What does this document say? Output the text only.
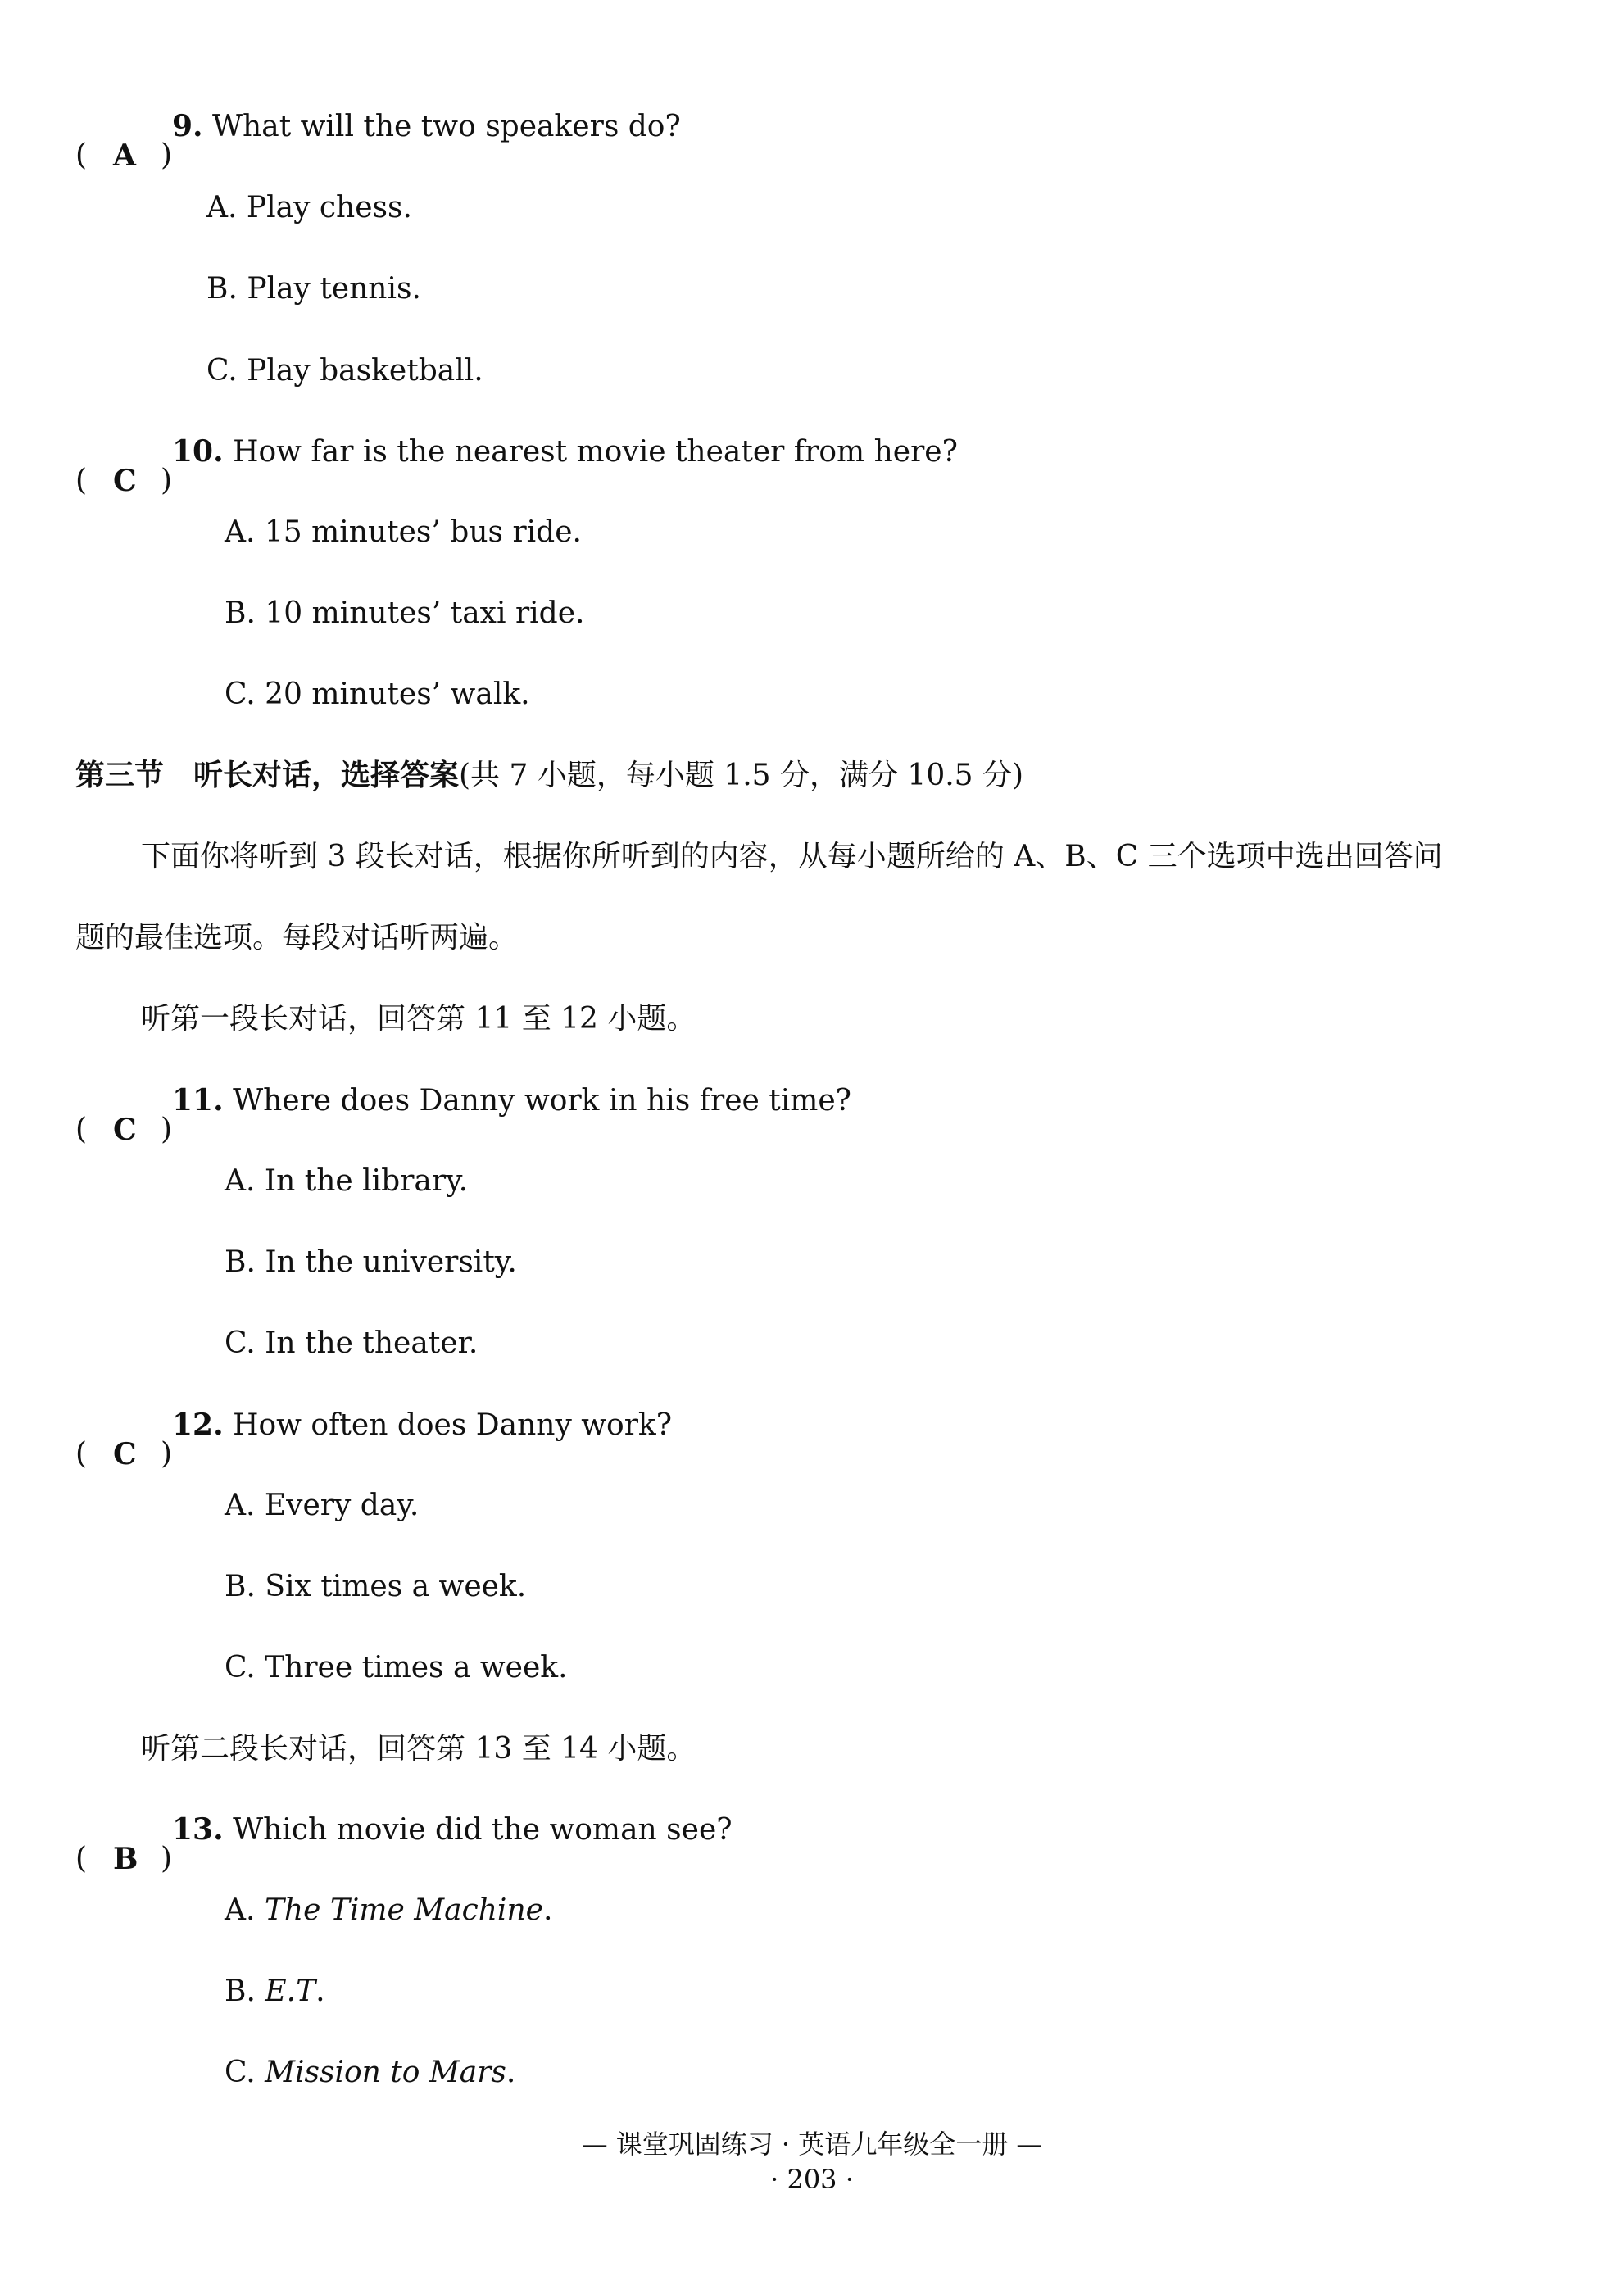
( A )
9. What will the two speakers do?
A. Play chess.
B. Play tennis.
C. Play basketball.
( C )
10. How far is the nearest movie theater from here?
A. 15 minutes’ bus ride.
B. 10 minutes’ taxi ride.
C. 20 minutes’ walk.
第三节　听长对话，选择答案(共 7 小题，每小题 1.5 分，满分 10.5 分)
下面你将听到 3 段长对话，根据你所听到的内容，从每小题所给的 A、B、C 三个选项中选出回答问
题的最佳选项。每段对话听两遍。
听第一段长对话，回答第 11 至 12 小题。
( C )
11. Where does Danny work in his free time?
A. In the library.
B. In the university.
C. In the theater.
( C )
12. How often does Danny work?
A. Every day.
B. Six times a week.
C. Three times a week.
听第二段长对话，回答第 13 至 14 小题。
( B )
13. Which movie did the woman see?
A. The Time Machine.
B. E.T.
C. Mission to Mars.
— 课堂巩固练习 · 英语九年级全一册 —
· 203 ·
